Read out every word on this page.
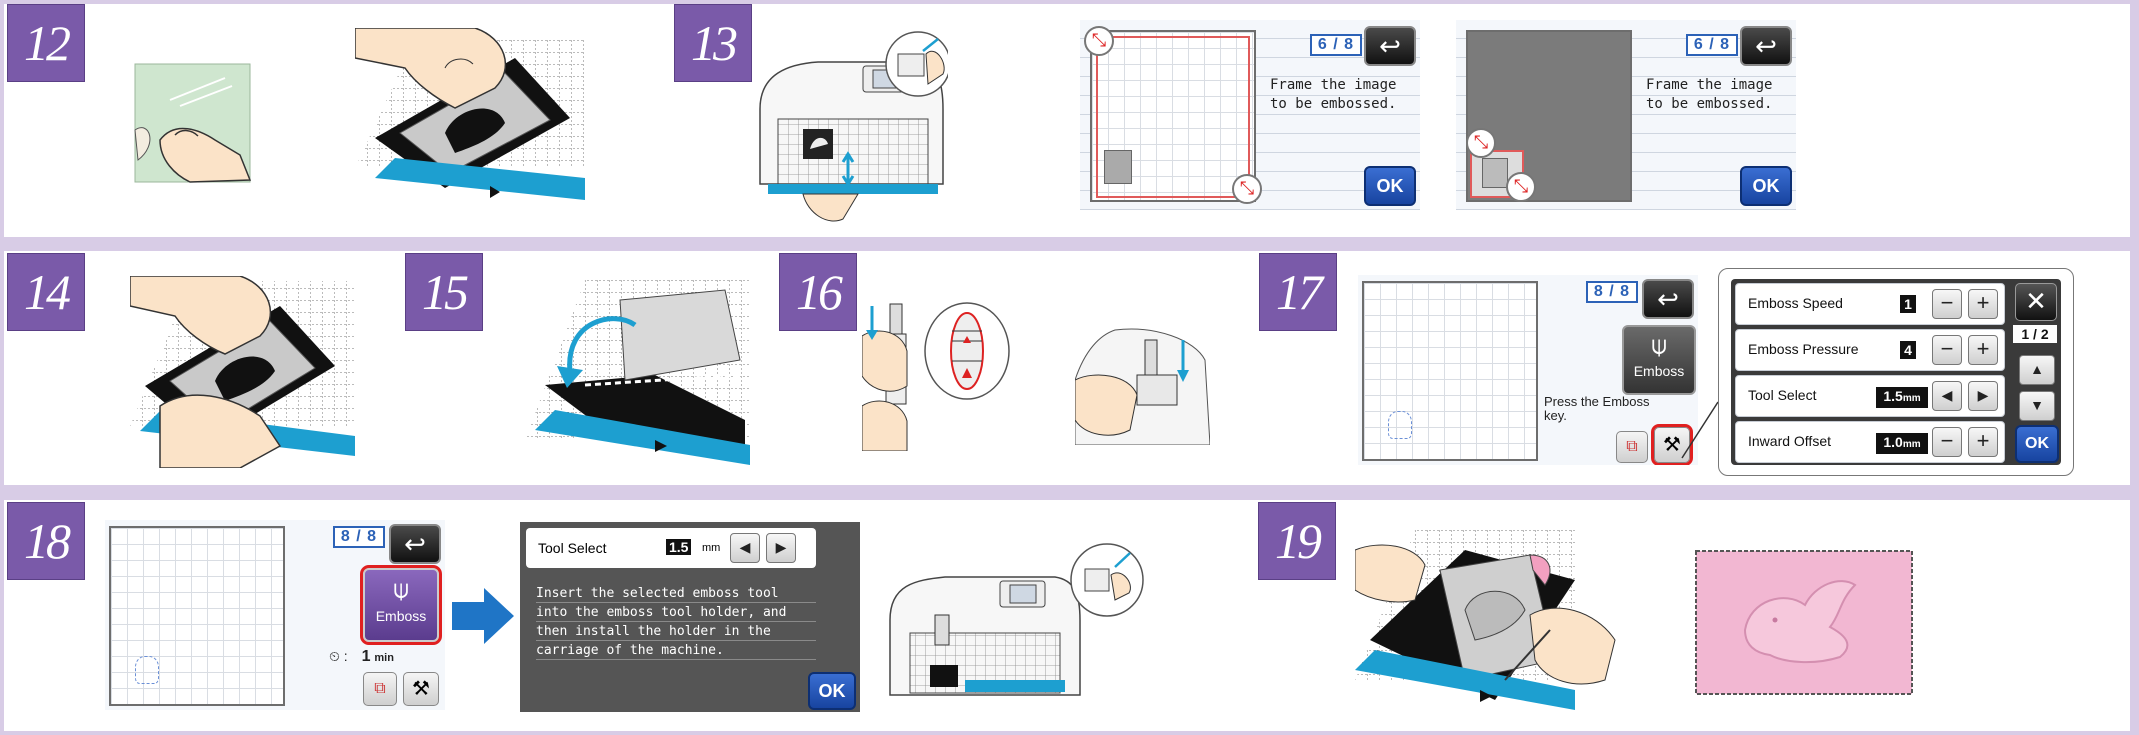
12	13	⤡
⤡
6 / 8 ↩
Frame the image
to be embossed.
OK
⤡
⤡
6 / 8 ↩
Frame the image
to be embossed.
OK
14	15	16	17	8 / 8	↩
⍦
Emboss
Press the Emboss
key.
⧉	⚒
Emboss Speed	1	−	+
Emboss Pressure	4	−	+
Tool Select	1.5mm	◀	▶
Inward Offset	1.0mm −	+
✕
1 / 2
▲
▼
OK
18	8 / 8	↩
⍦
Emboss
⏲ : 1 min
⧉	⚒
Tool Select	1.5 mm	◀	▶
Insert the selected emboss tool
into the emboss tool holder, and
then install the holder in the
carriage of the machine.
OK
19
